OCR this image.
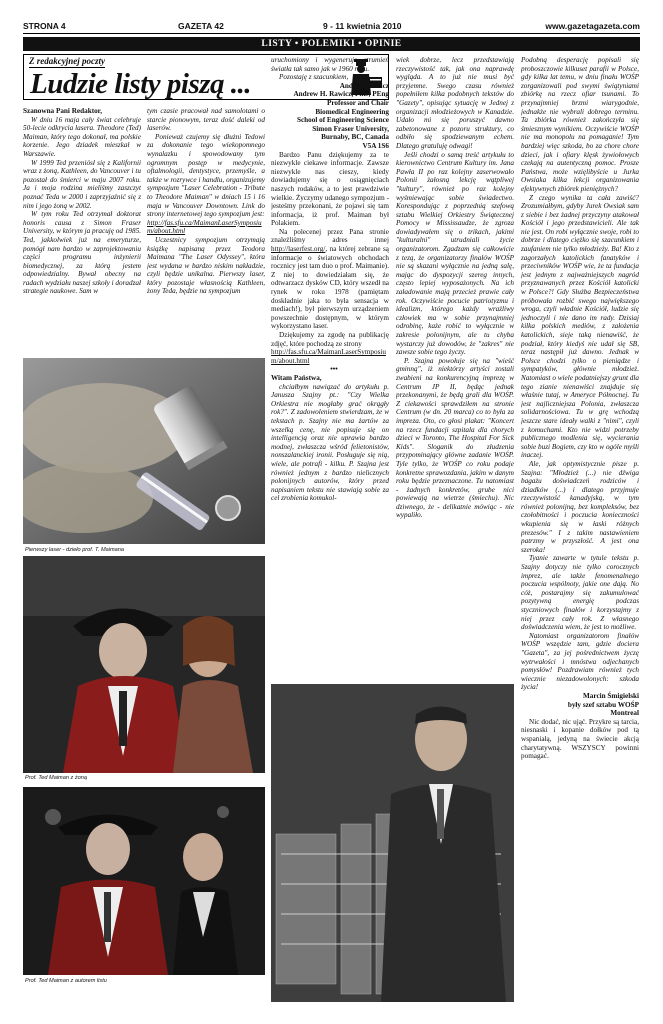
STRONA 4	GAZETA 42	9 - 11 kwietnia 2010	www.gazetagazeta.com
LISTY • POLEMIKI • OPINIE
Z redakcyjnej poczty
Ludzie listy piszą ...

Szanowna Pani Redaktor,

W dniu 16 maja cały świat celebruje 50-lecie odkrycia lasera. Theodore (Ted) Maiman, który tego dokonał, ma polskie korzenie. Jego dziadek mieszkał w Warszawie.

W 1999 Ted przeniósł się z Kalifornii wraz z żoną, Kathleen, do Vancouver i tu pozostał do śmierci w maju 2007 roku. Ja i moja rodzina mieliśmy zaszczyt poznać Teda w 2000 i zaprzyjaźnić się z nim i jego żoną w 2002.

W tym roku Ted otrzymał doktorat honoris causa z Simon Fraser University, w którym ja pracuję od 1985. Ted, jakkolwiek już na emeryturze, pomógł nam bardzo w zaprojektowaniu części programu inżynierii biomedycznej, za którą jestem odpowiedzialny. Bywał obecny na radach wydziału naszej szkoły i doradzał strategie naukowe. Sam w

tym czasie pracował nad samolotami o starcie pionowym, teraz dość daleki od laserów.

Ponieważ czujemy się dłużni Tedowi za dokonanie tego wiekopomnego wynalazku i spowodowany tym ogromnym postęp w medycynie, oftalmologii, dentystyce, przemyśle, a także w rozrywce i handlu, organizujemy sympozjum "Laser Celebration - Tribute to Theodore Maiman" w dniach 15 i 16 maja w Vancouver Downtown. Link do strony internetowej tego sympozjum jest:

http://fas.sfu.ca/MaimanLaserSymposium/about.html

Uczestnicy sympozjum otrzymają książkę napisaną przez Teodora Maimana "The Laser Odyssey", która jest wydana w bardzo niskim nakładzie, czyli będzie unikalna. Pierwszy laser, który pozostaje własnością Kathleen, żony Teda, będzie na sympozjum

Pierwszy laser - dzieło prof. T. Maimana
Prof. Ted Maiman z żoną
Prof. Ted Maiman z autorem listu

uruchomiony i wygeneruje strumień światła tak samo jak w 1960 roku.

Pozostaję z szacunkiem,

Andrzej Rawicz

Andrew H. Rawicz, PhD, PEng

Professor and Chair

Biomedical Engineering

School of Engineering Science

Simon Fraser University,

Burnaby, BC, Canada

V5A 1S6

Bardzo Panu dziękujemy za te niezwykle ciekawe informacje. Zawsze niezwykle nas cieszy, kiedy dowiadujemy się o osiągnięciach naszych rodaków, a to jest prawdziwie wielkie. Życzymy udanego sympozjum - jesteśmy przekonani, że pojawi się tam informacja, iż prof. Maiman był Polakiem.

Na polecenej przez Pana stronie znaleźliśmy adres innej http://laserfest.org/, na której zebrane są informacje o światowych obchodach rocznicy jest tam duo o prof. Maimanie). Z niej to dowiedziałam się, że odtwarzacz dysków CD, który wszedł na rynek w roku 1978 (pamiętam doskładnie jaka to była sensacja w mediach!), był pierwszym urządzeniem powszechnie dostępnym, w którym wykorzystano laser.

Dziękujemy za zgodę na publikację zdjęć, które pochodzą ze strony

http://fas.sfu.ca/MaimanLaserSymposium/about.html

•••

Witam Państwa,

chciałbym nawiązać do artykułu p. Janusza Szajny pt.: "Czy Wielka Orkiestra nie mogłaby grać okrągły rok?". Z zadowoleniem stwierdzam, że w tekstach p. Szajny nie ma żartów za wszelką cenę, nie popisuje się on intelligencją oraz nie uprawia bardzo modnej, zwłaszcza wśród felietonistów, nonszalanckiej ironii. Posługuje się nią, wiele, ale potrafi - kilku. P. Szajna jest również jednym z bardzo nielicznych polonijnych autorów, który przed napisaniem tekstu nie stawiają sobie za cel zrobienia komukol-

wiek dobrze, lecz przedstawiają rzeczywistość tak, jak ona naprawdę wygląda. A to już nie musi być przyjemne. Swego czasu również popełniłem kilka podobnych tekstów do "Gazety", opisując sytuację w Jednej z organizacji młodzieżowych w Kanadzie. Udało mi się poruszyć dawno zabetonowane z pozoru struktury, co odbiło się spodziewanym echem. Dlatego gratuluję odwagi!

Jeśli chodzi o samą treść artykułu to kierownictwo Centrum Kultury im. Jana Pawła II po raz kolejny zaserwowało Polonii żałosną lekcję wątpliwej "kultury", również po raz kolejny wyśmiewając sobie świadectwo. Korespondując z poprzednią szefową sztabu Wielkiej Orkiestry Świątecznej Pomocy w Mississaudze, że zgroza dowiadywałem się o trikach, jakimi "kulturalni" utrudniali życie organizatorom. Zgadzam się całkowicie z tezą, że organizatorzy finałów WOŚP nie są skazani wyłącznie na jedną salę, mając do dyspozycji szereg innych, często lepiej wyposażonych. Na ich załadowanie mają przecież prawie cały rok. Oczywiście pocucie patriotyzmu i idealizm, którego każdy wrażliwy człowiek ma w sobie przynajmniej odrobinę, każe robić to wyłącznie w zakresie polonijnym, ale tu chyba wystarczy już dowodów, że "zakres" nie zawsze sobie tego życzy.

P. Szajna powołuje się na "wieść gminną", iż niektórzy artyści zostali zwabieni na konkurencyjną imprezę w Centrum JP II, będąc jednak przekonanymi, że będą grali dla WOŚP. Z ciekawości sprawdziłem na stronie Centrum (w dn. 20 marca) co to była za impreza. Oto, co głosi plakat: "Koncert na rzecz fundacji szpitala dla chorych dzieci w Toronto, The Hospital For Sick Kids". Sloganik do złudzenia przypominający główne zadanie WOŚP. Tyle tylko, że WOŚP co roku podaje konkretne sprawozdania, jakim w danym roku będzie przeznaczone. Tu natomiast - żadnych konkretów, grube nici powiewają na wietrze (śmiechu). Nic dziwnego, że - delikatnie mówiąc - nie wypaliło.

Podobną desperację popisali się proboszczowie kilkuset parafii w Polsce, gdy kilka lat temu, w dniu finału WOŚP zorganizowali pod swymi świątyniami zbiórkę na rzecz ofiar tsunami. To przynajmniej brzmi wiarygodnie, jednakże nie wybrali dobrego terminu. Ta zbiórka również zakończyła się śmiesznym wynikiem. Oczywiście WOŚP nie ma monopolu na pomaganie! Tym bardziej więc szkoda, bo za chore chore dzieci, jak i ofiary klęsk żywiołowych czekają na autentyczną pomoc. Prosze Państwa, może wzięlibyście u Jurka Owsiaka kilka lekcji organizowania efektywnych zbiórek pieniężnych?

Z czego wynika ta cała zawiść? Zrozumiałbym, gdyby Jurek Owsiak sam z siebie i bez żadnej przyczyny atakował Kościół i jego przedstawicieli. Ale tak nie jest. On robi wyłącznie swoje, robi to dobrze i dlatego ciężko się szacunkiem i zaufaniem nie tylko młodzieży. Ba! Kto z zagorzałych katolickich fanatyków i przeciwników WOŚP wie, że ta fundacja jest jednym z najważniejszych nagród przyznawanych przez Kościół katolicki w Polsce?! Gdy Służba Bezpieczeństwa próbowała rozbić swego największego wroga, czyli władnie Kościół, ludzie się jednoczyli i nie dano im rady. Dzisiaj kilka polskich mediów, z założenia katolickich, sieje taką nienawiść, że podział, który kiedyś nie udał się SB, teraz następił już dawno. Jednak w Polsce chodzi tylko o pieniądze i sympatyków, głównie młodzież. Natomiast o wiele podatniejszy grunt dla tego zianie nienawiści znajduje się właśnie tutaj, w Ameryce Północnej. Tu jest najliczniejsza Polonia, zwłaszcza solidarnościowa. Tu w grę wchodzą jeszcze stare ideały walki z "nimi", czyli z komuchami. Kto nie widzi potrzeby publicznego modlenia się, wycierania sobie buzi Bogiem, czy kto w ogóle myśli inaczej.

Ale, jak optymistycznie pisze p. Szajna: "Młodzież (...) nie dźwiga bagażu doświadczeń rodziców i dziadków (...) i dlatego przyjmuje rzeczywistość kanadyjską, w tym również polonijną, bez kompleksów, bez czołobitności i poczucia konieczności wkupienia się w łaski różnych prezesów." I z takim nastawieniem patrzmy w przyszłość. A jest ona szeroka!

Tyanie zawarte w tytule tekstu p. Szajny dotyczy nie tylko corocznych imprez, ale także fenomenalnego poczucia wspólnoty, jakie one dają. No cóż, postarajmy się zakumulować pozytywną energię podczas styczniowych finałów i korzystajmy z niej przez cały rok. Z własnego doświadczenia wiem, że jest to możliwe.

Natomiast organizatorom finałów WOŚP wszędzie tam, gdzie dociera "Gazeta", za jej pośrednictwem życzę wytrwałości i mnóstwa odjechanych pomysłów! Pozdrawiam również tych wiecznie niezadowolonych: szkoda życia!

Marcin Śmigielski

były szef sztabu WOŚP

Montreal

Nic dodać, nic ująć. Przykre są tarcia, niesnaski i kopanie dołków pod tą wspaniałą, jedyną na świecie akcją charytatywną. WSZYSCY powinni pomagać.
